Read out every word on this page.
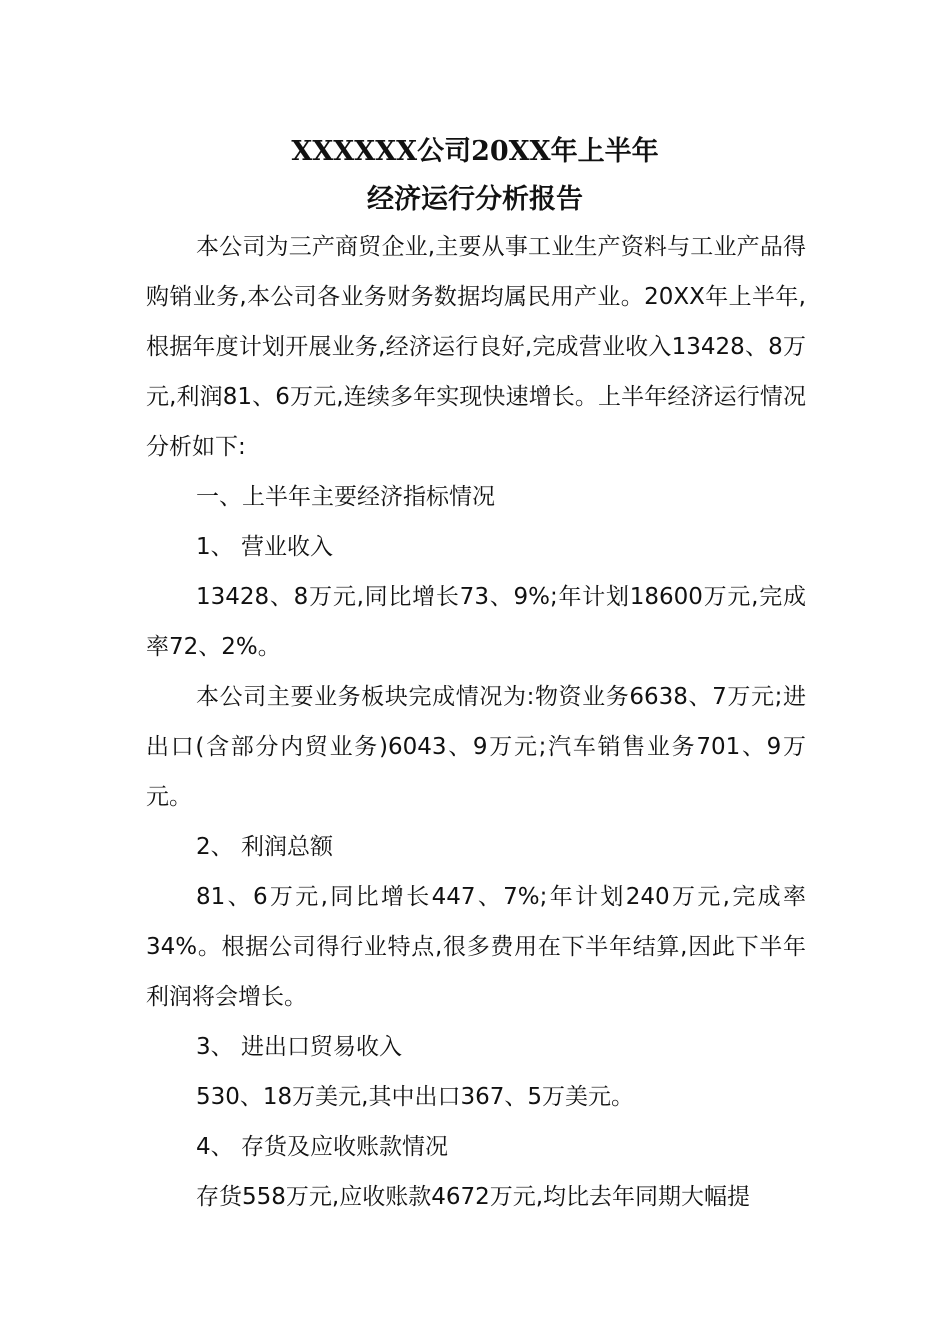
XXXXXX公司20XX年上半年
经济运行分析报告

本公司为三产商贸企业,主要从事工业生产资料与工业产品得购销业务,本公司各业务财务数据均属民用产业。20XX年上半年,根据年度计划开展业务,经济运行良好,完成营业收入13428、8万元,利润81、6万元,连续多年实现快速增长。上半年经济运行情况分析如下:

一、上半年主要经济指标情况

1、 营业收入

13428、8万元,同比增长73、9%;年计划18600万元,完成率72、2%。

本公司主要业务板块完成情况为:物资业务6638、7万元;进出口(含部分内贸业务)6043、9万元;汽车销售业务701、9万元。

2、 利润总额

81、6万元,同比增长447、7%;年计划240万元,完成率34%。根据公司得行业特点,很多费用在下半年结算,因此下半年利润将会增长。

3、 进出口贸易收入

530、18万美元,其中出口367、5万美元。

4、 存货及应收账款情况

存货558万元,应收账款4672万元,均比去年同期大幅提
